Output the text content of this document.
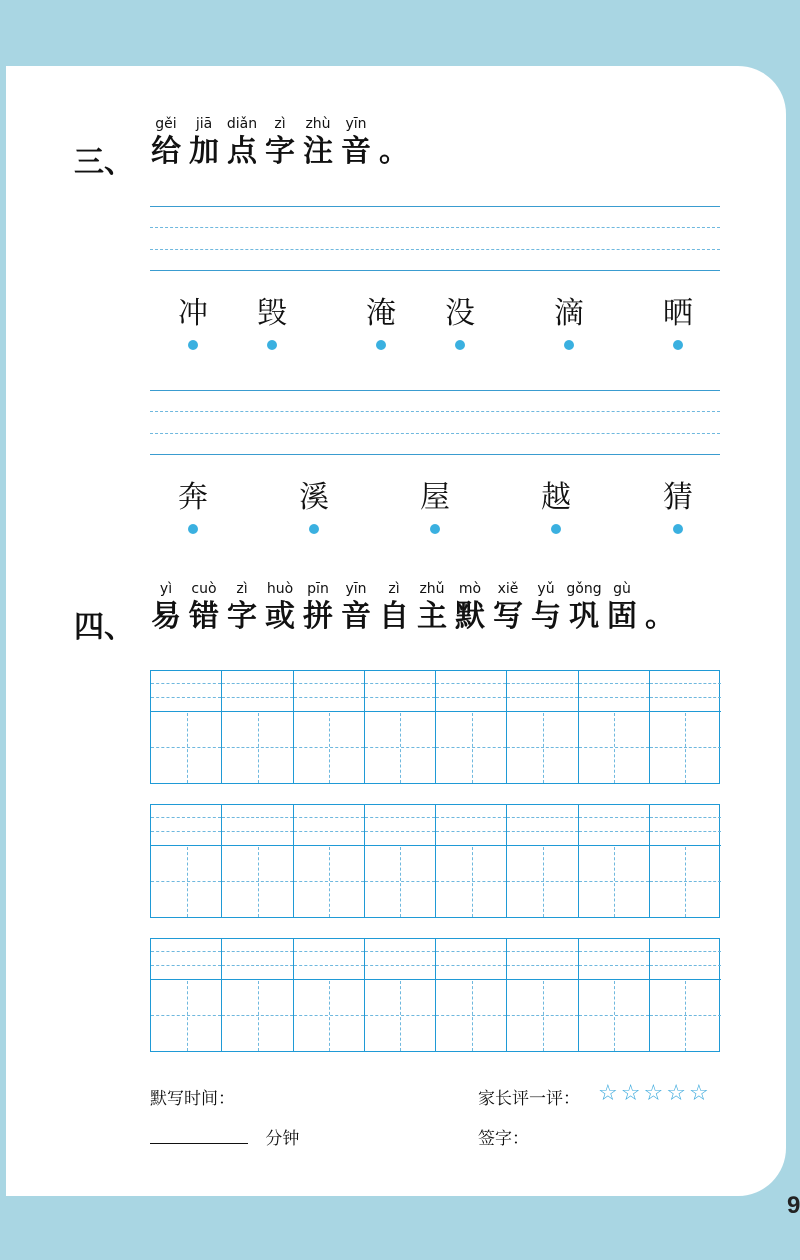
三、
gěi
给
jiā
加
diǎn
点
zì
字
zhù
注
yīn
音 。
冲 毁	淹 没	滴	晒
奔	溪	屋	越	猜
四、
yì
易
cuò
错
zì
字
huò
或
pīn
拼
yīn
音
zì
自
zhǔ
主
mò
默
xiě
写
yǔ
与
gǒng
巩
gù
固 。
默写时间：
分钟
家长评一评： ☆ ☆ ☆ ☆ ☆
签字：
9
